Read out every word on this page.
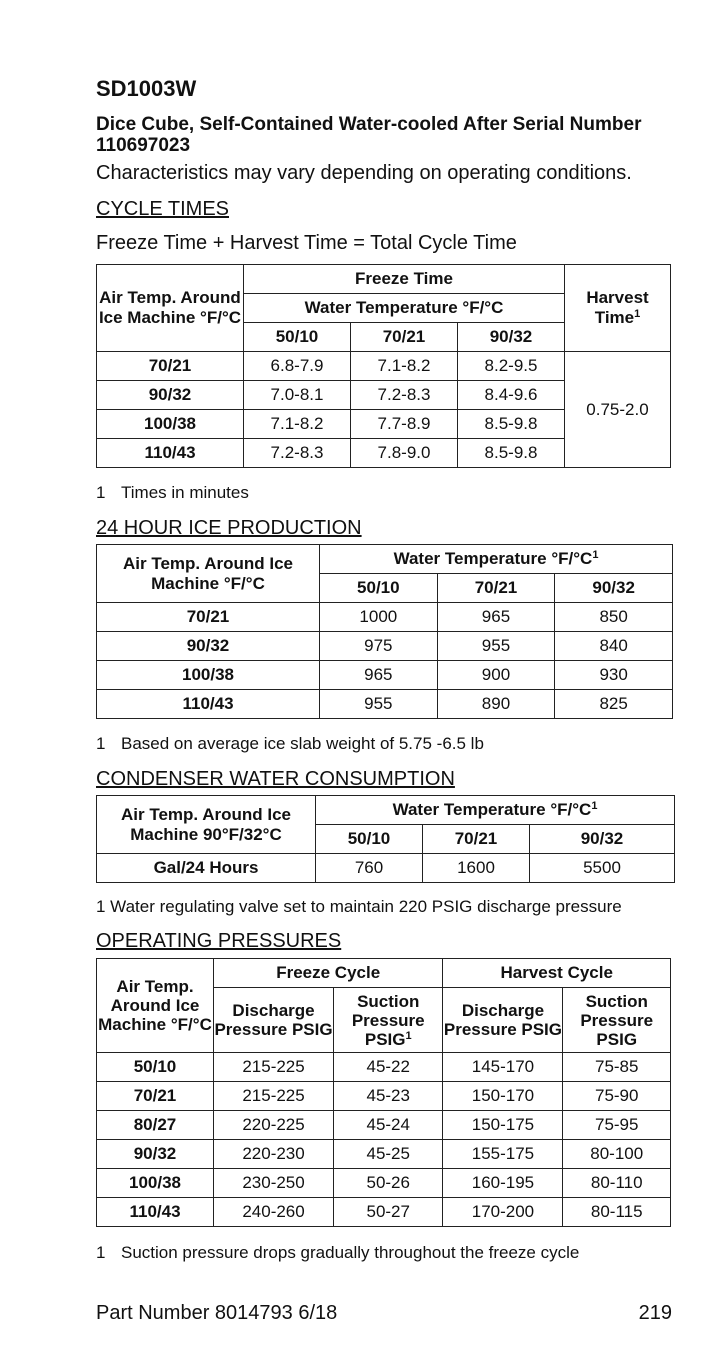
SD1003W
Dice Cube, Self-Contained Water-cooled After Serial Number 110697023
Characteristics may vary depending on operating conditions.
CYCLE TIMES
Freeze Time + Harvest Time = Total Cycle Time
Air Temp. Around Ice Machine °F/°C	Freeze Time			Harvest Time$^1$
	Water Temperature °F/°C			
	50/10	70/21	90/32	
70/21	6.8-7.9	7.1-8.2	8.2-9.5	0.75-2.0
90/32	7.0-8.1	7.2-8.3	8.4-9.6	
100/38	7.1-8.2	7.7-8.9	8.5-9.8	
110/43	7.2-8.3	7.8-9.0	8.5-9.8	
1 Times in minutes
24 HOUR ICE PRODUCTION
Air Temp. Around Ice Machine °F/°C	Water Temperature $^\circ F/^\circ C^1$
	50/10	70/21	90/32
70/21	1000	965	850
90/32	975	955	840
100/38	965	900	930
110/43	955	890	825
1 Based on average ice slab weight of 5.75 -6.5 lb
CONDENSER WATER CONSUMPTION
Air Temp. Around Ice Machine 90°F/32°C	Water Temperature $^\circ F/^\circ C^1$
	50/10	70/21	90/32
Gal/24 Hours	760	1600	5500
1 Water regulating valve set to maintain 220 PSIG discharge pressure
OPERATING PRESSURES
Air Temp. Around Ice Machine °F/°C	Freeze Cycle		Harvest Cycle	
	Discharge Pressure PSIG	Suction Pressure PSIG$^1$	Discharge Pressure PSIG	Suction Pressure PSIG
50/10	215-225	45-22	145-170	75-85
70/21	215-225	45-23	150-170	75-90
80/27	220-225	45-24	150-175	75-95
90/32	220-230	45-25	155-175	80-100
100/38	230-250	50-26	160-195	80-110
110/43	240-260	50-27	170-200	80-115
1 Suction pressure drops gradually throughout the freeze cycle
219
Part Number 8014793 6/18
